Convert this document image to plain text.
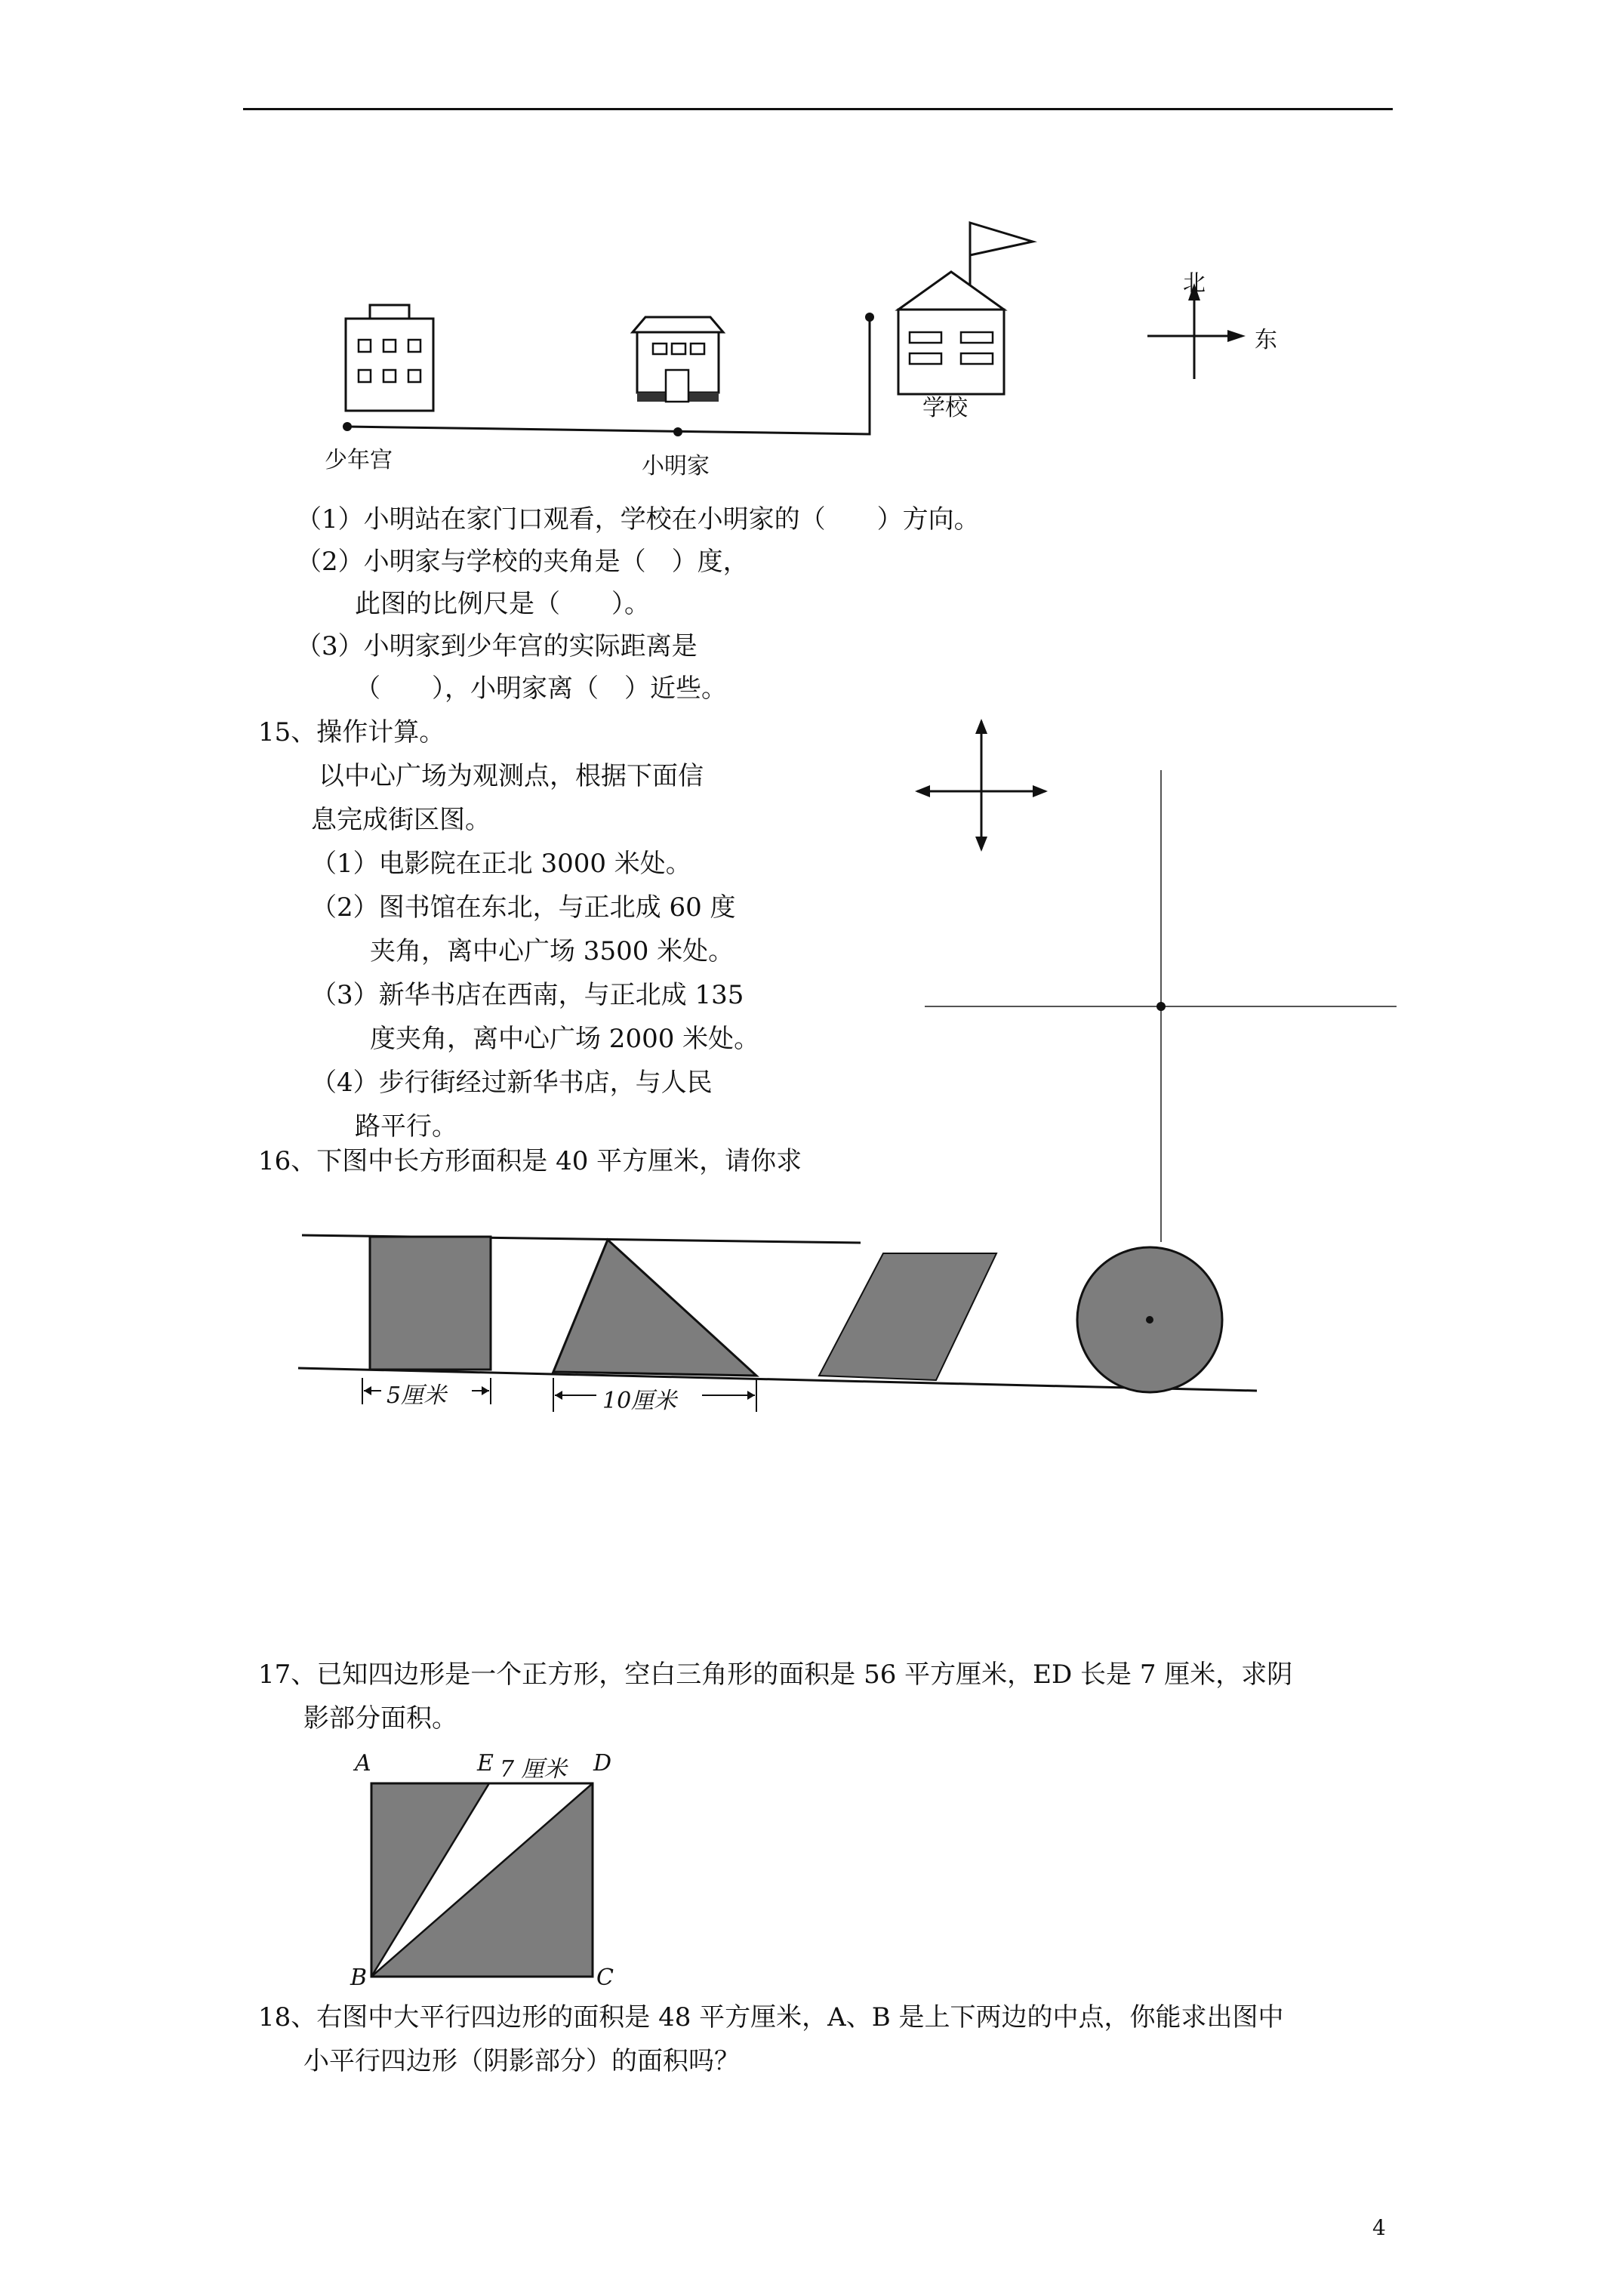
少年宫	小明家
学校
北
东
（1）小明站在家门口观看，学校在小明家的（　　）方向。
（2）小明家与学校的夹角是（　）度，
此图的比例尺是（　　）。
（3）小明家到少年宫的实际距离是
（　　），小明家离（　）近些。
15、操作计算。
以中心广场为观测点，根据下面信
息完成街区图。
（1）电影院在正北 3000 米处。
（2）图书馆在东北，与正北成 60 度
夹角，离中心广场 3500 米处。
（3）新华书店在西南，与正北成 135
度夹角，离中心广场 2000 米处。
（4）步行街经过新华书店，与人民
路平行。
16、下图中长方形面积是 40 平方厘米，请你求
5厘米	10厘米
17、已知四边形是一个正方形，空白三角形的面积是 56 平方厘米，ED 长是 7 厘米，求阴
影部分面积。
A	E 7 厘米 D
B	C
18、右图中大平行四边形的面积是 48 平方厘米，A、B 是上下两边的中点，你能求出图中
小平行四边形（阴影部分）的面积吗？
4
